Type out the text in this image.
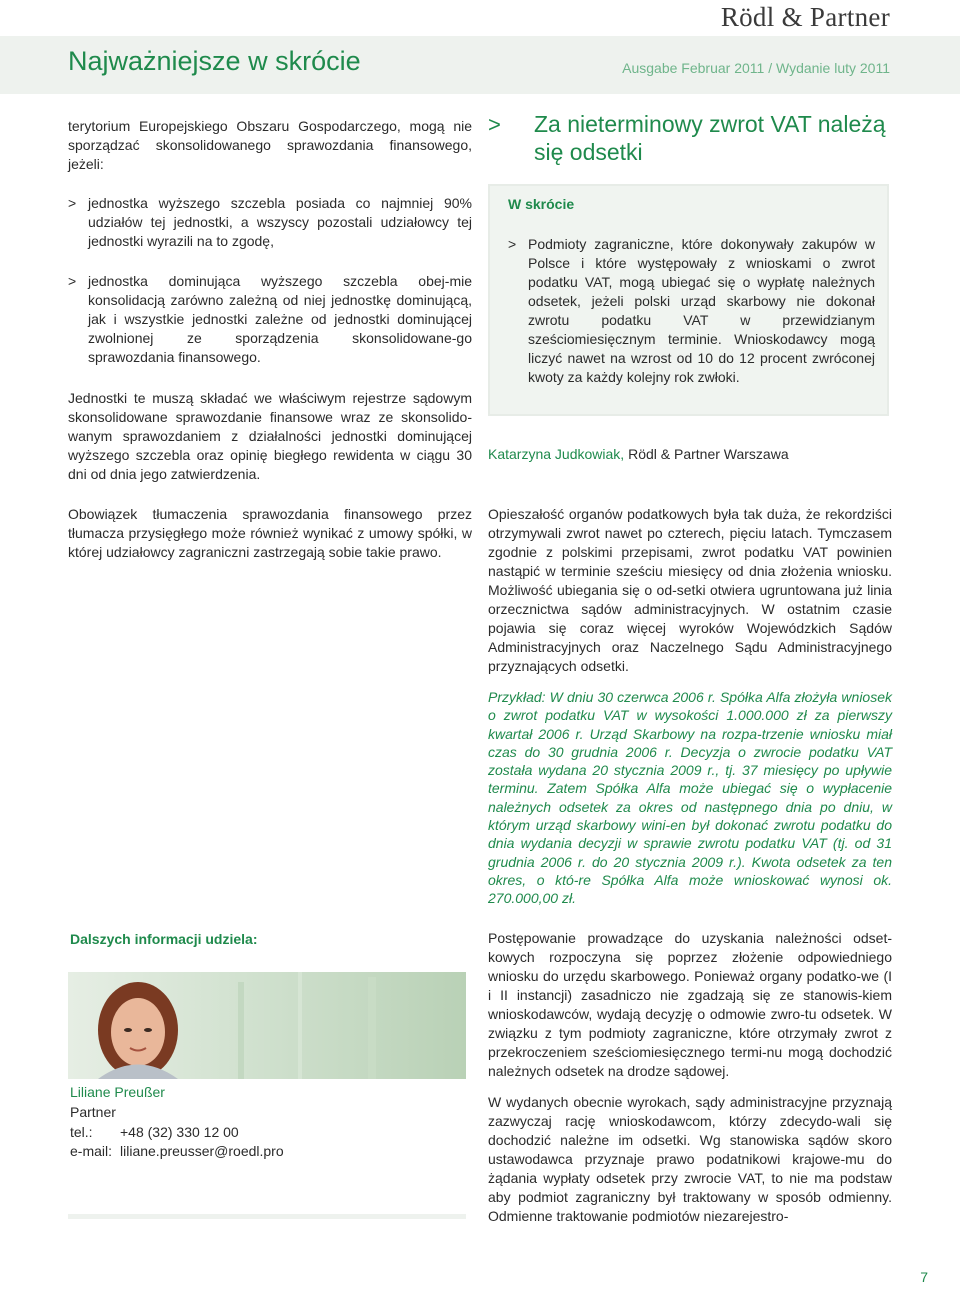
Rödl & Partner
Najważniejsze w skrócie	Ausgabe Februar 2011 / Wydanie luty 2011

terytorium Europejskiego Obszaru Gospodarczego, mogą nie sporządzać skonsolidowanego sprawozdania finansowego, jeżeli:

> jednostka wyższego szczebla posiada co najmniej 90% udziałów tej jednostki, a wszyscy pozostali udziałowcy tej jednostki wyrazili na to zgodę,
> jednostka dominująca wyższego szczebla obej-mie konsolidacją zarówno zależną od niej jednostkę dominującą, jak i wszystkie jednostki zależne od jednostki dominującej zwolnionej ze sporządzenia skonsolidowane-go sprawozdania finansowego.

Jednostki te muszą składać we właściwym rejestrze sądowym skonsolidowane sprawozdanie finansowe wraz ze skonsolido-wanym sprawozdaniem z działalności jednostki dominującej wyższego szczebla oraz opinię biegłego rewidenta w ciągu 30 dni od dnia jego zatwierdzenia.

Obowiązek tłumaczenia sprawozdania finansowego przez tłumacza przysięgłego może również wynikać z umowy spółki, w której udziałowcy zagraniczni zastrzegają sobie takie prawo.

Dalszych informacji udziela:
Liliane Preußer
Partner
tel.: +48 (32) 330 12 00
e-mail: liliane.preusser@roedl.pro
> Za nieterminowy zwrot VAT należą się odsetki
W skrócie
> Podmioty zagraniczne, które dokonywały zakupów w Polsce i które występowały z wnioskami o zwrot podatku VAT, mogą ubiegać się o wypłatę należnych odsetek, jeżeli polski urząd skarbowy nie dokonał zwrotu podatku VAT w przewidzianym sześciomiesięcznym terminie. Wnioskodawcy mogą liczyć nawet na wzrost od 10 do 12 procent zwróconej kwoty za każdy kolejny rok zwłoki.
Katarzyna Judkowiak, Rödl & Partner Warszawa

Opieszałość organów podatkowych była tak duża, że rekordziści otrzymywali zwrot nawet po czterech, pięciu latach. Tymczasem zgodnie z polskimi przepisami, zwrot podatku VAT powinien nastąpić w terminie sześciu miesięcy od dnia złożenia wniosku. Możliwość ubiegania się o od-setki otwiera ugruntowana już linia orzecznictwa sądów administracyjnych. W ostatnim czasie pojawia się coraz więcej wyroków Wojewódzkich Sądów Administracyjnych oraz Naczelnego Sądu Administracyjnego przyznających odsetki.

Przykład: W dniu 30 czerwca 2006 r. Spółka Alfa złożyła wniosek o zwrot podatku VAT w wysokości 1.000.000 zł za pierwszy kwartał 2006 r. Urząd Skarbowy na rozpa-trzenie wniosku miał czas do 30 grudnia 2006 r. Decyzja o zwrocie podatku VAT została wydana 20 stycznia 2009 r., tj. 37 miesięcy po upływie terminu. Zatem Spółka Alfa może ubiegać się o wypłacenie należnych odsetek za okres od następnego dnia po dniu, w którym urząd skarbowy wini-en był dokonać zwrotu podatku do dnia wydania decyzji w sprawie zwrotu podatku VAT (tj. od 31 grudnia 2006 r. do 20 stycznia 2009 r.). Kwota odsetek za ten okres, o któ-re Spółka Alfa może wnioskować wynosi ok. 270.000,00 zł.

Postępowanie prowadzące do uzyskania należności odset-kowych rozpoczyna się poprzez złożenie odpowiedniego wniosku do urzędu skarbowego. Ponieważ organy podatko-we (I i II instancji) zasadniczo nie zgadzają się ze stanowis-kiem wnioskodawców, wydają decyzję o odmowie zwro-tu odsetek. W związku z tym podmioty zagraniczne, które otrzymały zwrot z przekroczeniem sześciomiesięcznego termi-nu mogą dochodzić należnych odsetek na drodze sądowej.

W wydanych obecnie wyrokach, sądy administracyjne przyznają zazwyczaj rację wnioskodawcom, którzy zdecydo-wali się dochodzić należne im odsetki. Wg stanowiska sądów skoro ustawodawca przyznaje prawo podatnikowi krajowe-mu do żądania wypłaty odsetek przy zwrocie VAT, to nie ma podstaw aby podmiot zagraniczny był traktowany w sposób odmienny. Odmienne traktowanie podmiotów niezarejestro-

7
